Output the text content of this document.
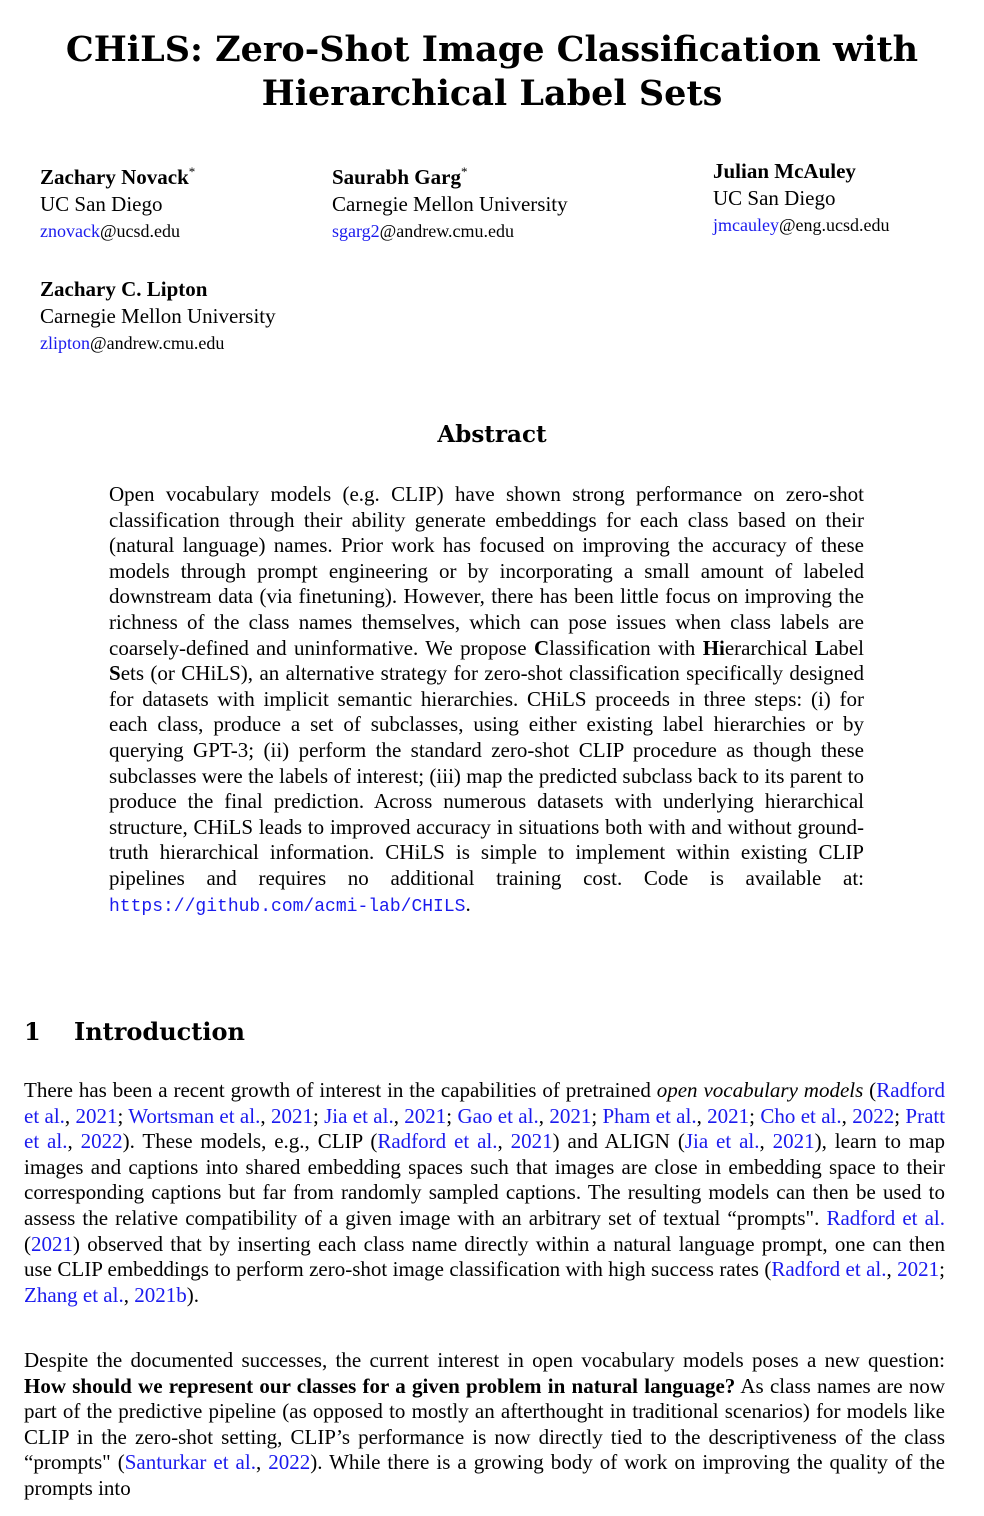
CHiLS: Zero-Shot Image Classification with
Hierarchical Label Sets
Zachary Novack*
UC San Diego
znovack@ucsd.edu
Saurabh Garg*
Carnegie Mellon University
sgarg2@andrew.cmu.edu
Julian McAuley
UC San Diego
jmcauley@eng.ucsd.edu
Zachary C. Lipton
Carnegie Mellon University
zlipton@andrew.cmu.edu
Abstract
Open vocabulary models (e.g. CLIP) have shown strong performance on zero-shot classification through their ability generate embeddings for each class based on their (natural language) names. Prior work has focused on improving the accuracy of these models through prompt engineering or by incorporating a small amount of labeled downstream data (via finetuning). However, there has been little focus on improving the richness of the class names themselves, which can pose issues when class labels are coarsely-defined and uninformative. We propose Classification with Hierarchical Label Sets (or CHiLS), an alternative strategy for zero-shot classification specifically designed for datasets with implicit semantic hierarchies. CHiLS proceeds in three steps: (i) for each class, produce a set of subclasses, using either existing label hierarchies or by querying GPT-3; (ii) perform the standard zero-shot CLIP procedure as though these subclasses were the labels of interest; (iii) map the predicted subclass back to its parent to produce the final prediction. Across numerous datasets with underlying hierarchical structure, CHiLS leads to improved accuracy in situations both with and without ground-truth hierarchical information. CHiLS is simple to implement within existing CLIP pipelines and requires no additional training cost. Code is available at: https://github.com/acmi-lab/CHILS.
1 Introduction
There has been a recent growth of interest in the capabilities of pretrained open vocabulary models (Radford et al., 2021; Wortsman et al., 2021; Jia et al., 2021; Gao et al., 2021; Pham et al., 2021; Cho et al., 2022; Pratt et al., 2022). These models, e.g., CLIP (Radford et al., 2021) and ALIGN (Jia et al., 2021), learn to map images and captions into shared embedding spaces such that images are close in embedding space to their corresponding captions but far from randomly sampled captions. The resulting models can then be used to assess the relative compatibility of a given image with an arbitrary set of textual “prompts". Radford et al. (2021) observed that by inserting each class name directly within a natural language prompt, one can then use CLIP embeddings to perform zero-shot image classification with high success rates (Radford et al., 2021; Zhang et al., 2021b).
Despite the documented successes, the current interest in open vocabulary models poses a new question: How should we represent our classes for a given problem in natural language? As class names are now part of the predictive pipeline (as opposed to mostly an afterthought in traditional scenarios) for models like CLIP in the zero-shot setting, CLIP’s performance is now directly tied to the descriptiveness of the class “prompts" (Santurkar et al., 2022). While there is a growing body of work on improving the quality of the prompts into
